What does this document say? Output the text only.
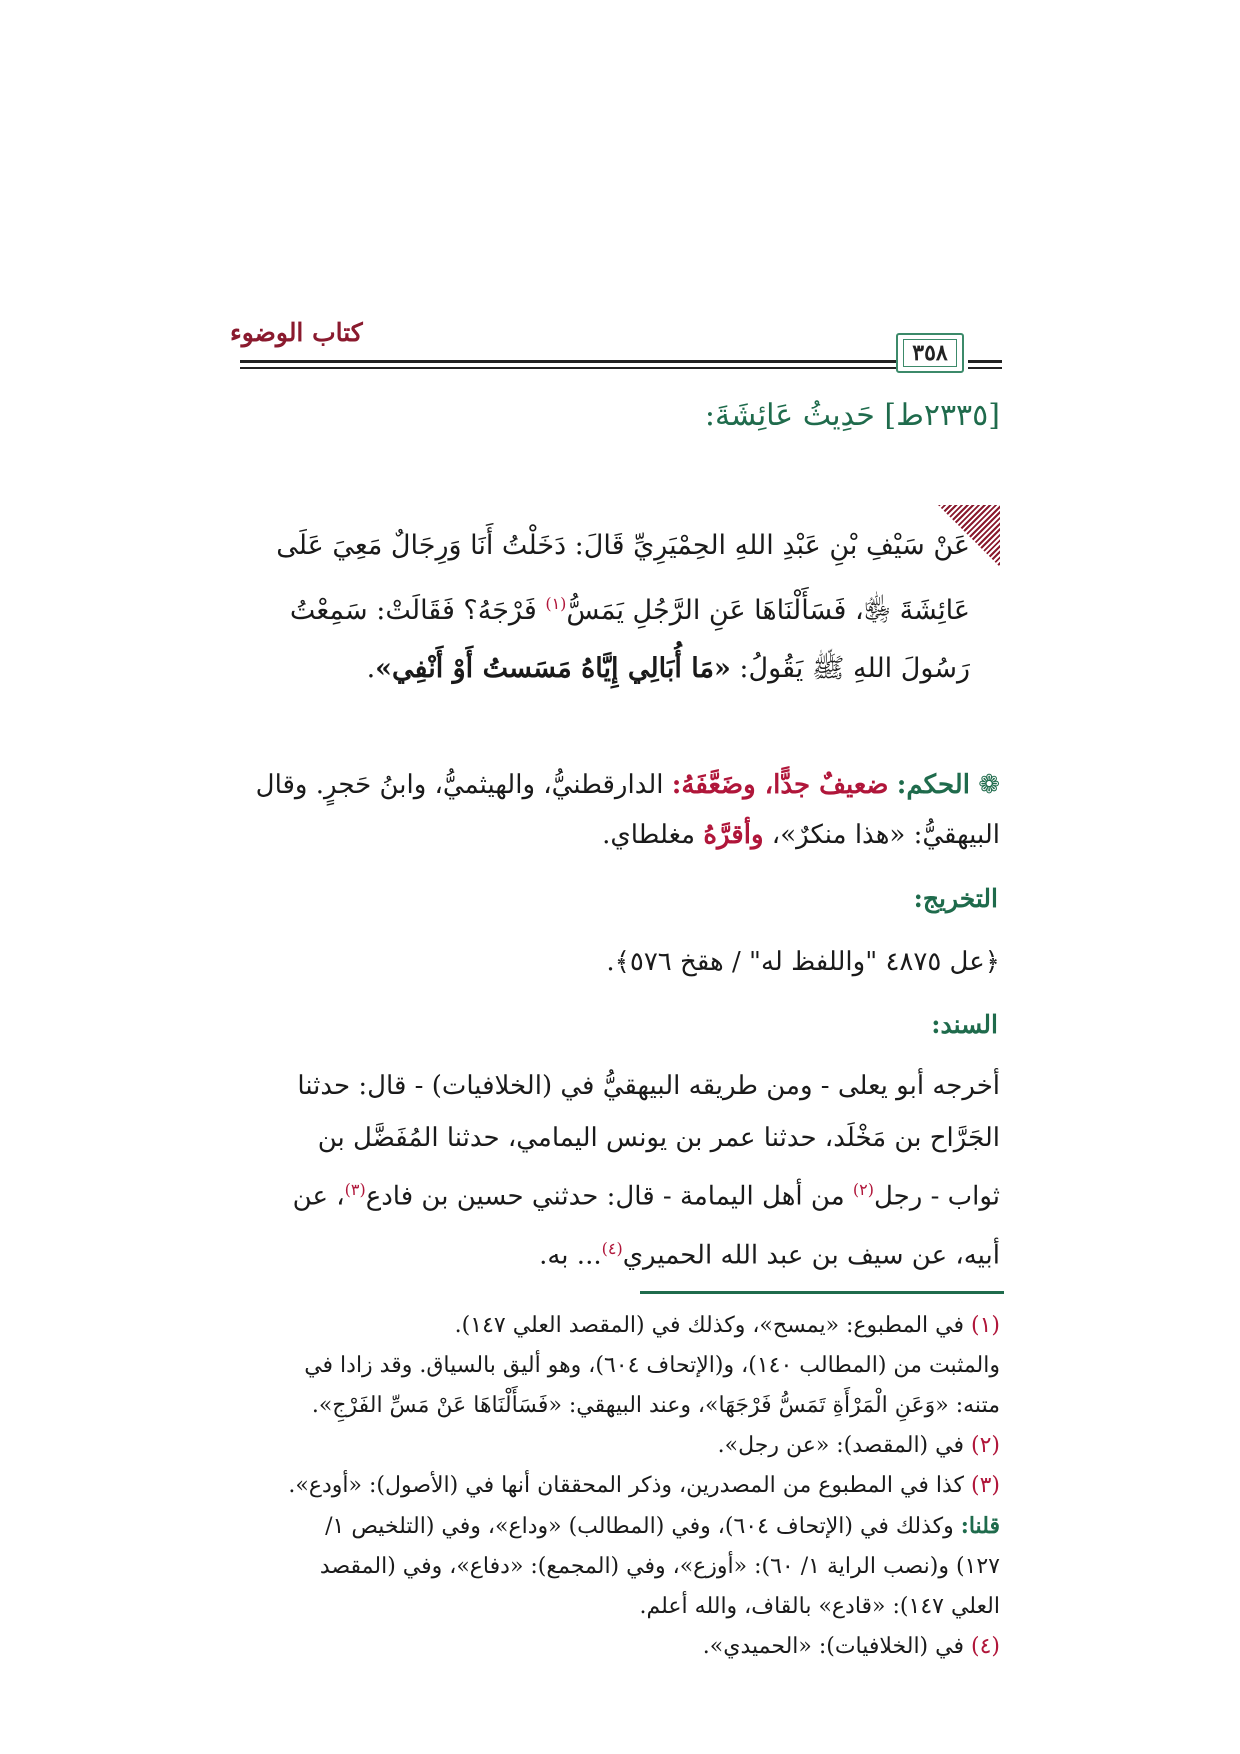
كتاب الوضوء
٣٥٨
[٢٣٣٥ط] حَدِيثُ عَائِشَةَ:
عَنْ سَيْفِ بْنِ عَبْدِ اللهِ الحِمْيَرِيِّ قَالَ: دَخَلْتُ أَنَا وَرِجَالٌ مَعِيَ عَلَى
عَائِشَةَ ﵂، فَسَأَلْنَاهَا عَنِ الرَّجُلِ يَمَسُّ$^{(١)}$ فَرْجَهُ؟ فَقَالَتْ: سَمِعْتُ
رَسُولَ اللهِ ﷺ يَقُولُ: «مَا أُبَالِي إِيَّاهُ مَسَستُ أَوْ أَنْفِي».
❁ الحكم: ضعيفٌ جدًّا، وضَعَّفَهُ: الدارقطنيُّ، والهيثميُّ، وابنُ حَجرٍ. وقال
البيهقيُّ: «هذا منكرٌ»، وأقرَّهُ مغلطاي.
التخريج:
﴿عل ٤٨٧٥ "واللفظ له" / هقخ ٥٧٦﴾.
السند:
أخرجه أبو يعلى - ومن طريقه البيهقيُّ في (الخلافيات) - قال: حدثنا
الجَرَّاح بن مَخْلَد، حدثنا عمر بن يونس اليمامي، حدثنا المُفَضَّل بن
ثواب - رجل$^{(٢)}$ من أهل اليمامة - قال: حدثني حسين بن فادع$^{(٣)}$، عن
أبيه، عن سيف بن عبد الله الحميري$^{(٤)}$... به.
(١) في المطبوع: «يمسح»، وكذلك في (المقصد العلي ١٤٧).
والمثبت من (المطالب ١٤٠)، و(الإتحاف ٦٠٤)، وهو أليق بالسياق. وقد زادا في
متنه: «وَعَنِ الْمَرْأَةِ تَمَسُّ فَرْجَهَا»، وعند البيهقي: «فَسَأَلْنَاهَا عَنْ مَسِّ الفَرْجِ».
(٢) في (المقصد): «عن رجل».
(٣) كذا في المطبوع من المصدرين، وذكر المحققان أنها في (الأصول): «أودع».
قلنا: وكذلك في (الإتحاف ٦٠٤)، وفي (المطالب) «وداع»، وفي (التلخيص ١/
١٢٧) و(نصب الراية ١/ ٦٠): «أوزع»، وفي (المجمع): «دفاع»، وفي (المقصد
العلي ١٤٧): «قادع» بالقاف، والله أعلم.
(٤) في (الخلافيات): «الحميدي».
